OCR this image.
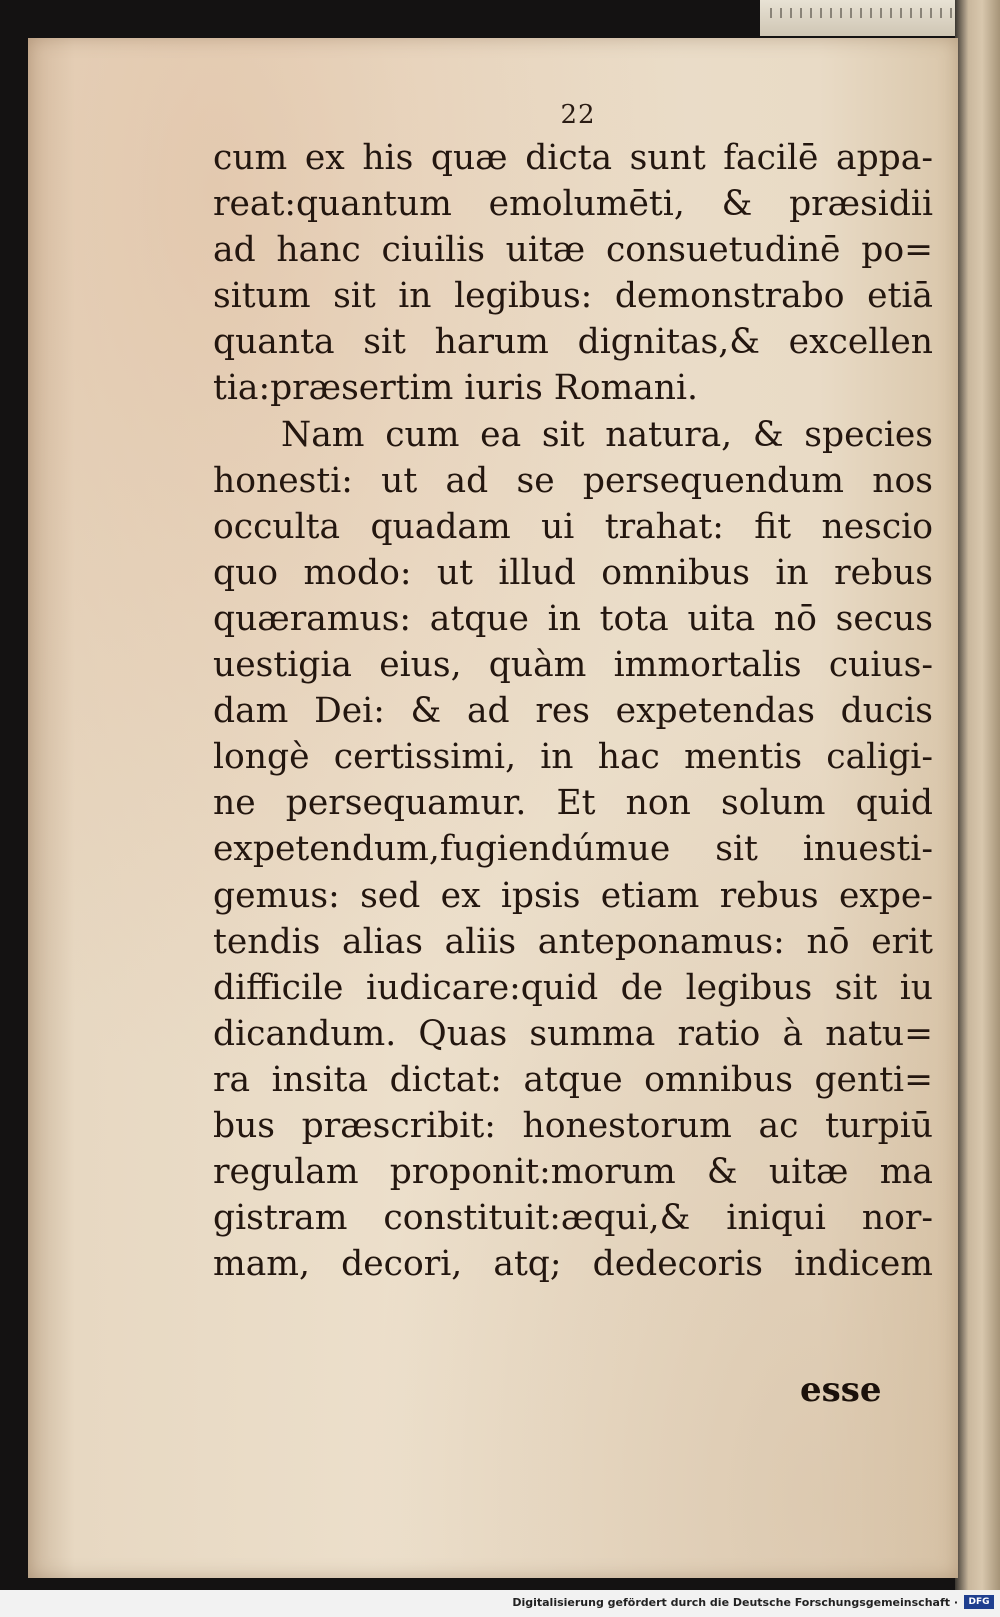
22
cum ex his quæ dicta sunt facilē appa-
reat:quantum emolumēti, & præsidii
ad hanc ciuilis uitæ consuetudinē po=
situm sit in legibus: demonstrabo etiā
quanta sit harum dignitas,& excellen
tia:præsertim iuris Romani.
Nam cum ea sit natura, & species
honesti: ut ad se persequendum nos
occulta quadam ui trahat: fit nescio
quo modo: ut illud omnibus in rebus
quæramus: atque in tota uita nō secus
uestigia eius, quàm immortalis cuius-
dam Dei: & ad res expetendas ducis
longè certissimi, in hac mentis caligi-
ne persequamur. Et non solum quid
expetendum,fugiendúmue sit inuesti-
gemus: sed ex ipsis etiam rebus expe-
tendis alias aliis anteponamus: nō erit
difficile iudicare:quid de legibus sit iu
dicandum. Quas summa ratio à natu=
ra insita dictat: atque omnibus genti=
bus præscribit: honestorum ac turpiū
regulam proponit:morum & uitæ ma
gistram constituit:æqui,& iniqui nor-
mam, decori, atq; dedecoris indicem
esse
Digitalisierung gefördert durch die Deutsche Forschungsgemeinschaft ·	DFG
